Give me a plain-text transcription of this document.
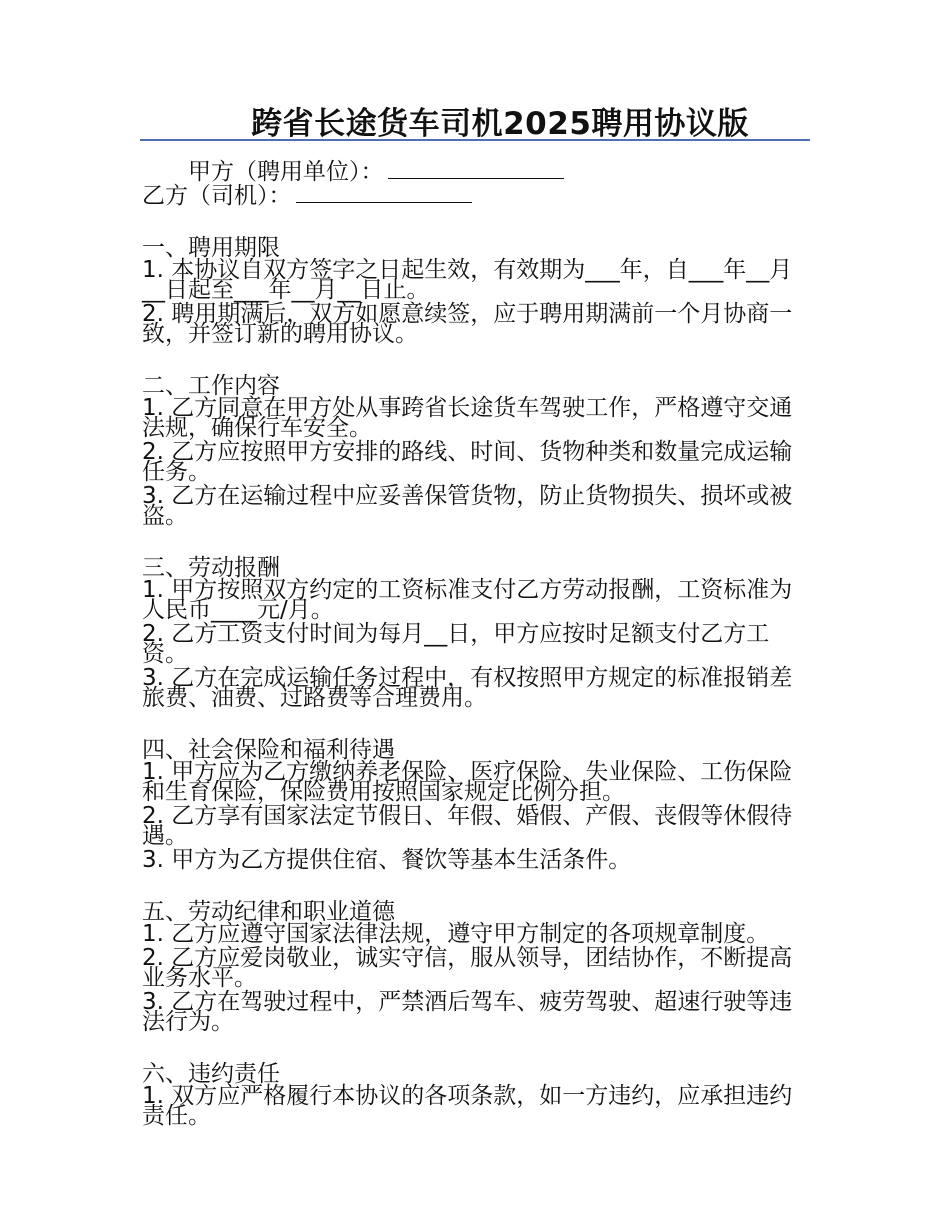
跨省长途货车司机2025聘用协议版
甲方（聘用单位）：
乙方（司机）：
一、聘用期限
1. 本协议自双方签字之日起生效，有效期为___年，自___年__月__日起至___年__月__日止。
2. 聘用期满后，双方如愿意续签，应于聘用期满前一个月协商一致，并签订新的聘用协议。
二、工作内容
1. 乙方同意在甲方处从事跨省长途货车驾驶工作，严格遵守交通法规，确保行车安全。
2. 乙方应按照甲方安排的路线、时间、货物种类和数量完成运输任务。
3. 乙方在运输过程中应妥善保管货物，防止货物损失、损坏或被盗。
三、劳动报酬
1. 甲方按照双方约定的工资标准支付乙方劳动报酬，工资标准为人民币____元/月。
2. 乙方工资支付时间为每月__日，甲方应按时足额支付乙方工资。
3. 乙方在完成运输任务过程中，有权按照甲方规定的标准报销差旅费、油费、过路费等合理费用。
四、社会保险和福利待遇
1. 甲方应为乙方缴纳养老保险、医疗保险、失业保险、工伤保险和生育保险，保险费用按照国家规定比例分担。
2. 乙方享有国家法定节假日、年假、婚假、产假、丧假等休假待遇。
3. 甲方为乙方提供住宿、餐饮等基本生活条件。
五、劳动纪律和职业道德
1. 乙方应遵守国家法律法规，遵守甲方制定的各项规章制度。
2. 乙方应爱岗敬业，诚实守信，服从领导，团结协作，不断提高业务水平。
3. 乙方在驾驶过程中，严禁酒后驾车、疲劳驾驶、超速行驶等违法行为。
六、违约责任
1. 双方应严格履行本协议的各项条款，如一方违约，应承担违约责任。
